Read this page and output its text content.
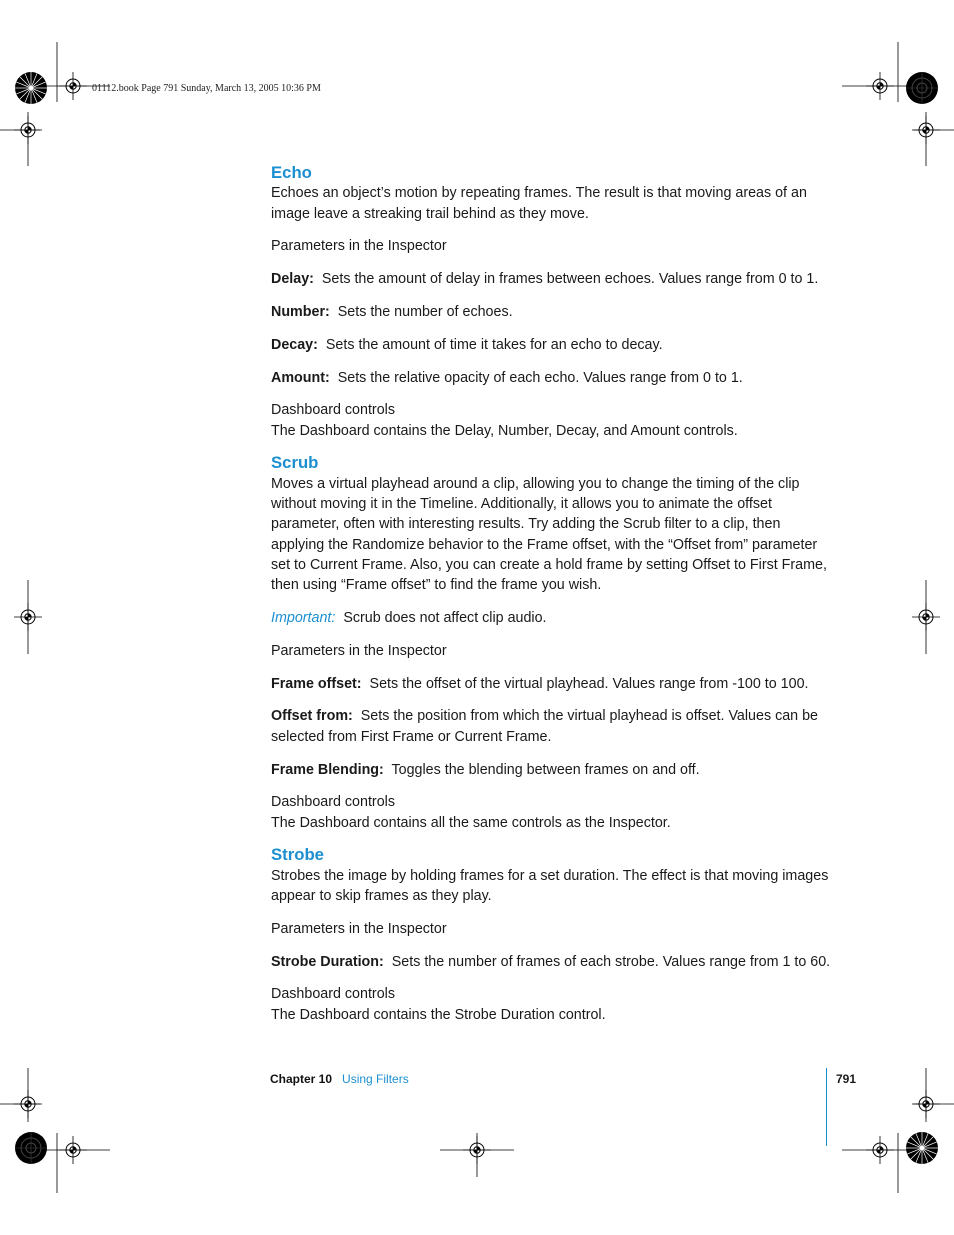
01112.book Page 791 Sunday, March 13, 2005 10:36 PM
Echo

Echoes an object’s motion by repeating frames. The result is that moving areas of an image leave a streaking trail behind as they move.

Parameters in the Inspector

Delay: Sets the amount of delay in frames between echoes. Values range from 0 to 1.

Number: Sets the number of echoes.

Decay: Sets the amount of time it takes for an echo to decay.

Amount: Sets the relative opacity of each echo. Values range from 0 to 1.

Dashboard controls

The Dashboard contains the Delay, Number, Decay, and Amount controls.

Scrub

Moves a virtual playhead around a clip, allowing you to change the timing of the clip without moving it in the Timeline. Additionally, it allows you to animate the offset parameter, often with interesting results. Try adding the Scrub filter to a clip, then applying the Randomize behavior to the Frame offset, with the “Offset from” parameter set to Current Frame. Also, you can create a hold frame by setting Offset to First Frame, then using “Frame offset” to find the frame you wish.

Important: Scrub does not affect clip audio.

Parameters in the Inspector

Frame offset: Sets the offset of the virtual playhead. Values range from -100 to 100.

Offset from: Sets the position from which the virtual playhead is offset. Values can be selected from First Frame or Current Frame.

Frame Blending: Toggles the blending between frames on and off.

Dashboard controls

The Dashboard contains all the same controls as the Inspector.

Strobe

Strobes the image by holding frames for a set duration. The effect is that moving images appear to skip frames as they play.

Parameters in the Inspector

Strobe Duration: Sets the number of frames of each strobe. Values range from 1 to 60.

Dashboard controls

The Dashboard contains the Strobe Duration control.

Chapter 10 Using Filters	791
